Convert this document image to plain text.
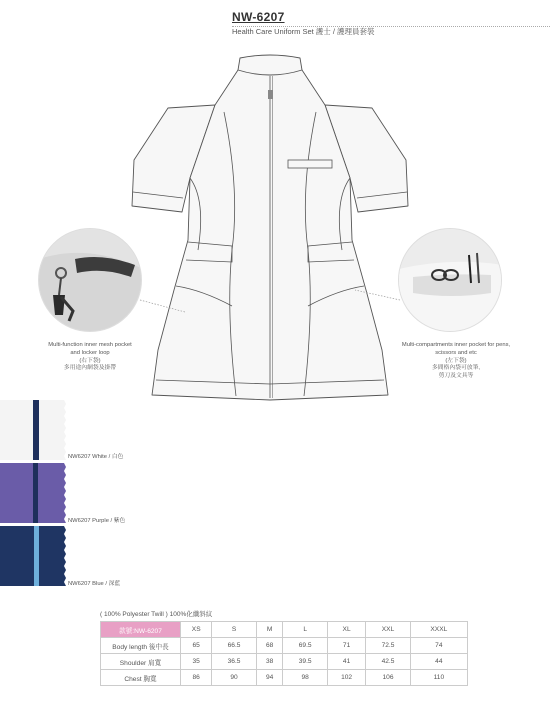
NW-6207
Health Care Uniform Set 護士 / 護理員套裝
Multi-function inner mesh pocket
and locker loop
(右下袋)
多用途內網袋及掛帶
Multi-compartments inner pocket for pens,
scissors and etc
(左下袋)
多間格內袋可放筆,
剪刀及文具等
NW6207 White / 白色
NW6207 Purple / 紫色
NW6207 Blue / 深藍
( 100% Polyester Twill ) 100%化纖斜紋
款號:NW-6207	XS	S	M	L	XL	XXL	XXXL
Body length 後中長	65	66.5	68	69.5	71	72.5	74
Shoulder 肩寬	35	36.5	38	39.5	41	42.5	44
Chest 胸寬	86	90	94	98	102	106	110
